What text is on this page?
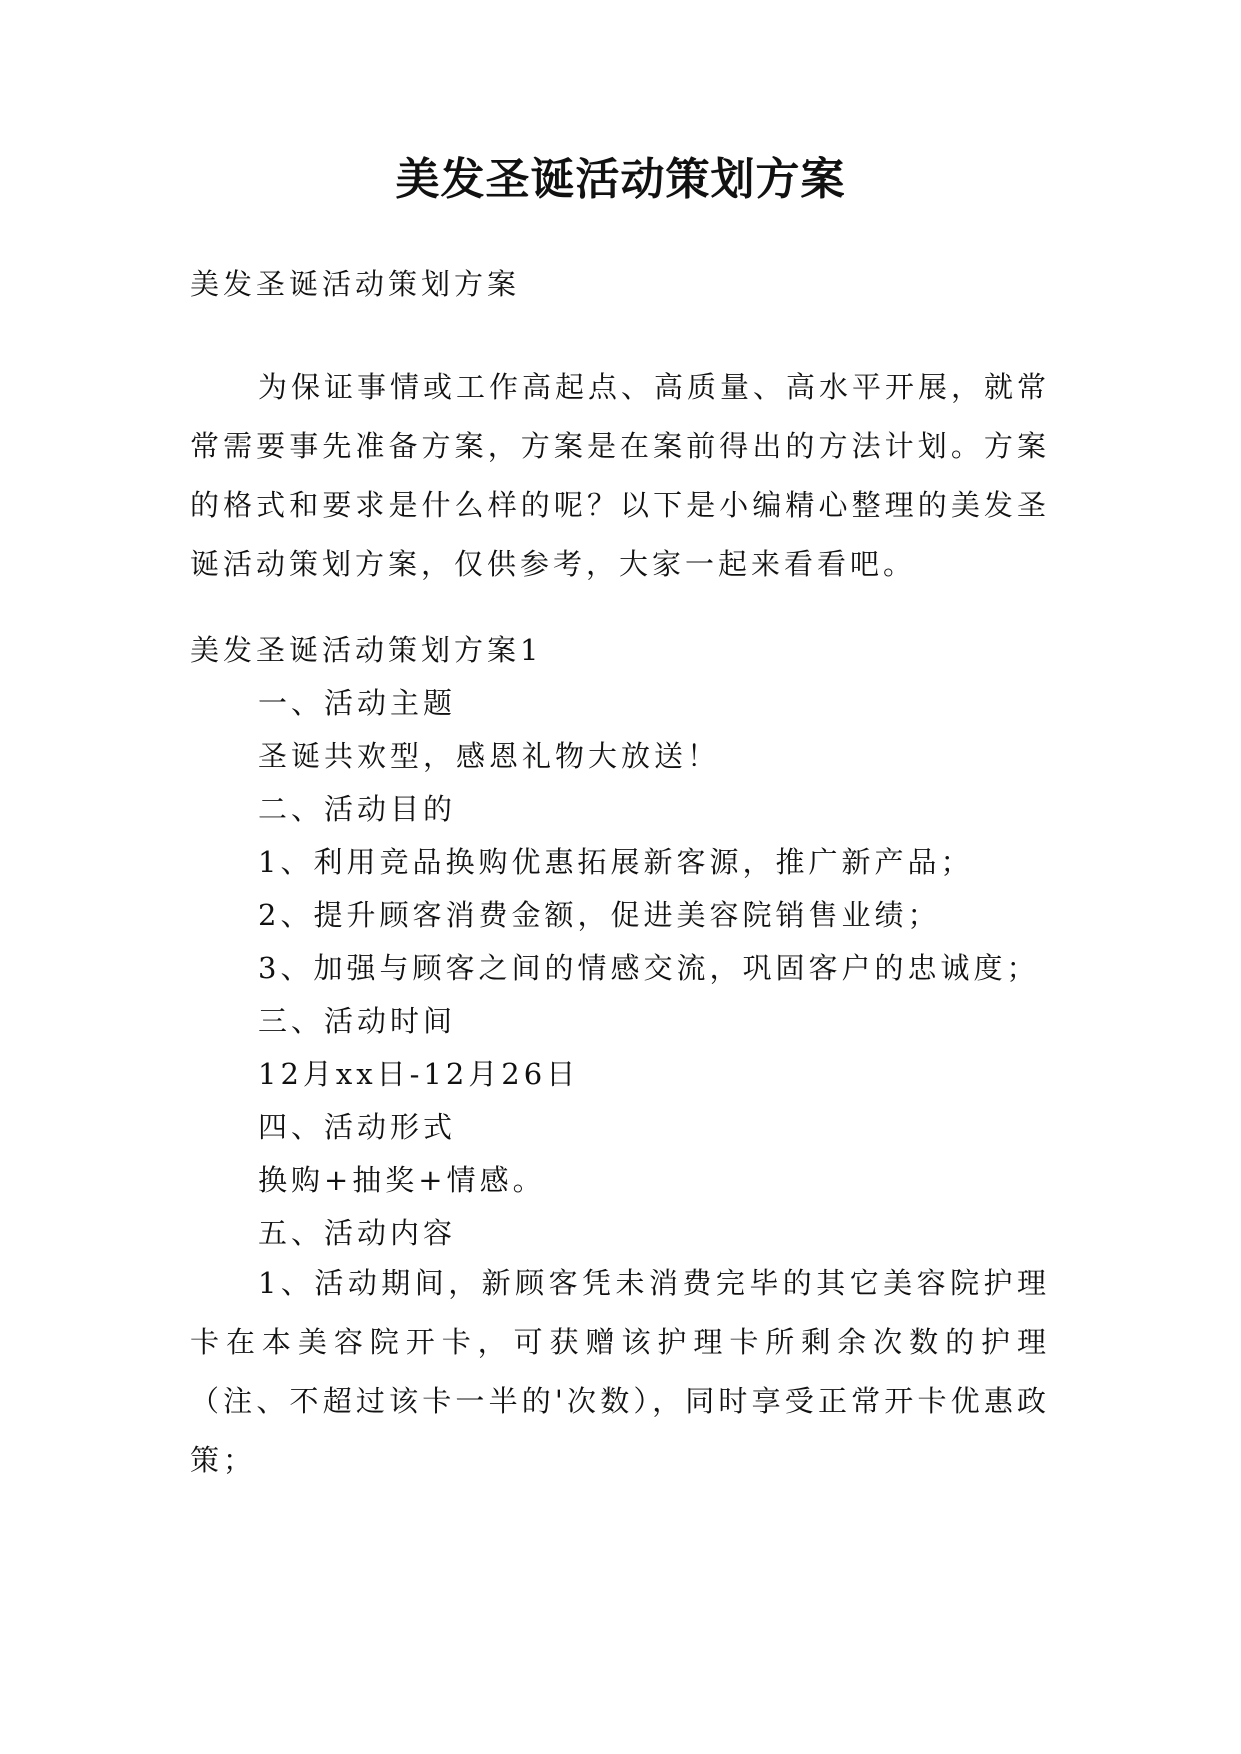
美发圣诞活动策划方案
美发圣诞活动策划方案
为保证事情或工作高起点、高质量、高水平开展，就常常需要事先准备方案，方案是在案前得出的方法计划。方案的格式和要求是什么样的呢？以下是小编精心整理的美发圣诞活动策划方案，仅供参考，大家一起来看看吧。
美发圣诞活动策划方案1
一、活动主题
圣诞共欢型，感恩礼物大放送！
二、活动目的
1、利用竞品换购优惠拓展新客源，推广新产品；
2、提升顾客消费金额，促进美容院销售业绩；
3、加强与顾客之间的情感交流，巩固客户的忠诚度；
三、活动时间
12月xx日-12月26日
四、活动形式
换购+抽奖+情感。
五、活动内容
1、活动期间，新顾客凭未消费完毕的其它美容院护理卡在本美容院开卡，可获赠该护理卡所剩余次数的护理（注、不超过该卡一半的'次数），同时享受正常开卡优惠政策；
